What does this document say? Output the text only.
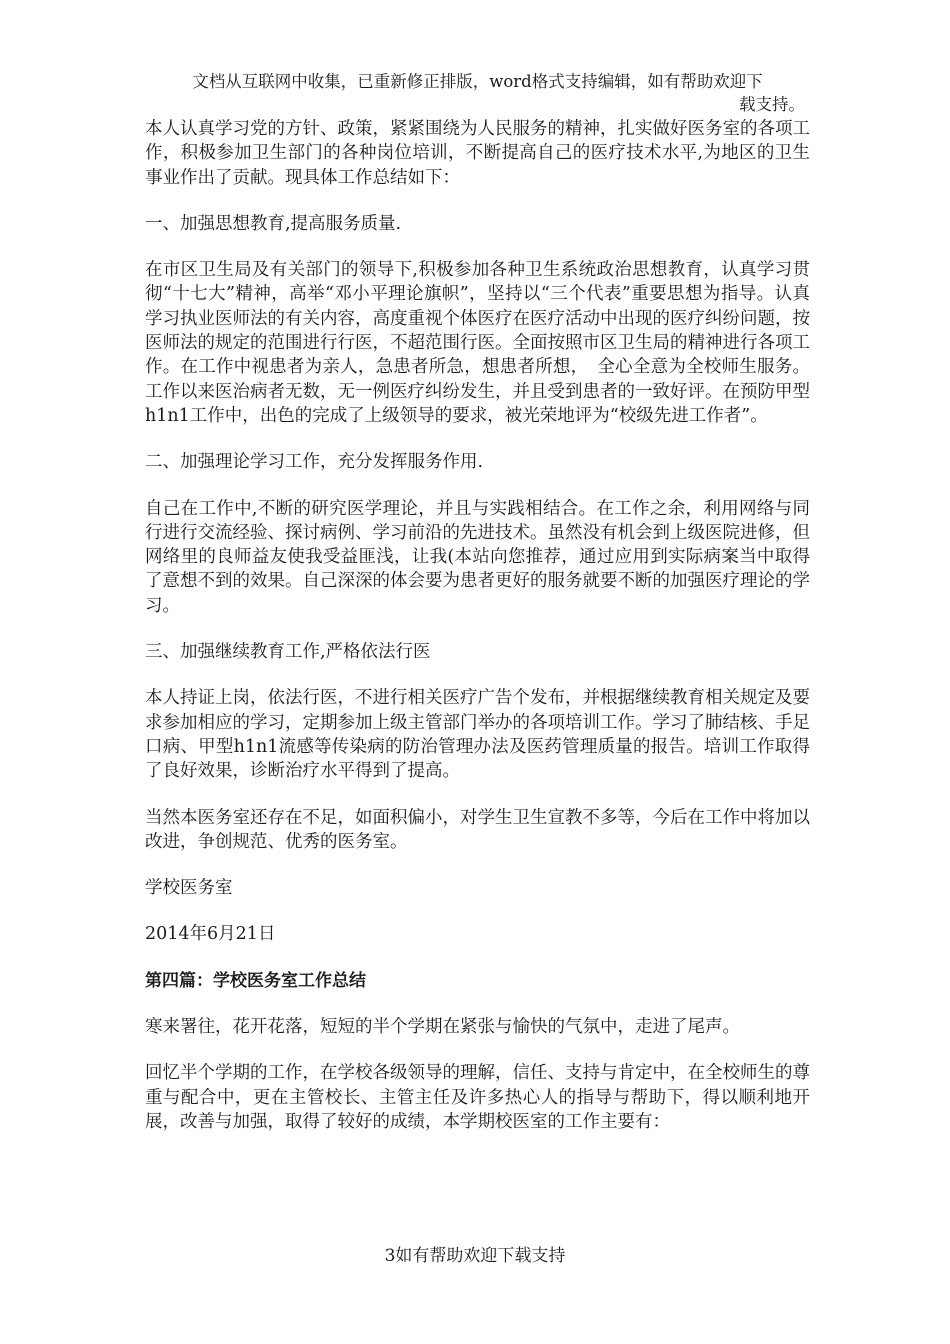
文档从互联网中收集，已重新修正排版，word格式支持编辑，如有帮助欢迎下
载支持。

本人认真学习党的方针、政策，紧紧围绕为人民服务的精神，扎实做好医务室的各项工作，积极参加卫生部门的各种岗位培训，不断提高自己的医疗技术水平,为地区的卫生事业作出了贡献。现具体工作总结如下：

一、加强思想教育,提高服务质量.

在市区卫生局及有关部门的领导下,积极参加各种卫生系统政治思想教育，认真学习贯彻“十七大”精神，高举“邓小平理论旗帜”，坚持以“三个代表”重要思想为指导。认真学习执业医师法的有关内容，高度重视个体医疗在医疗活动中出现的医疗纠纷问题，按医师法的规定的范围进行行医，不超范围行医。全面按照市区卫生局的精神进行各项工作。在工作中视患者为亲人，急患者所急，想患者所想，　全心全意为全校师生服务。工作以来医治病者无数，无一例医疗纠纷发生，并且受到患者的一致好评。在预防甲型h1n1工作中，出色的完成了上级领导的要求，被光荣地评为“校级先进工作者”。

二、加强理论学习工作，充分发挥服务作用.

自己在工作中,不断的研究医学理论，并且与实践相结合。在工作之余，利用网络与同行进行交流经验、探讨病例、学习前沿的先进技术。虽然没有机会到上级医院进修，但网络里的良师益友使我受益匪浅，让我(本站向您推荐，通过应用到实际病案当中取得了意想不到的效果。自己深深的体会要为患者更好的服务就要不断的加强医疗理论的学习。

三、加强继续教育工作,严格依法行医

本人持证上岗，依法行医，不进行相关医疗广告个发布，并根据继续教育相关规定及要求参加相应的学习，定期参加上级主管部门举办的各项培训工作。学习了肺结核、手足口病、甲型h1n1流感等传染病的防治管理办法及医药管理质量的报告。培训工作取得了良好效果，诊断治疗水平得到了提高。

当然本医务室还存在不足，如面积偏小，对学生卫生宣教不多等，今后在工作中将加以改进，争创规范、优秀的医务室。

学校医务室

2014年6月21日

第四篇：学校医务室工作总结

寒来署往，花开花落，短短的半个学期在紧张与愉快的气氛中，走进了尾声。

回忆半个学期的工作，在学校各级领导的理解，信任、支持与肯定中，在全校师生的尊重与配合中，更在主管校长、主管主任及许多热心人的指导与帮助下，得以顺利地开展，改善与加强，取得了较好的成绩，本学期校医室的工作主要有：

3如有帮助欢迎下载支持
